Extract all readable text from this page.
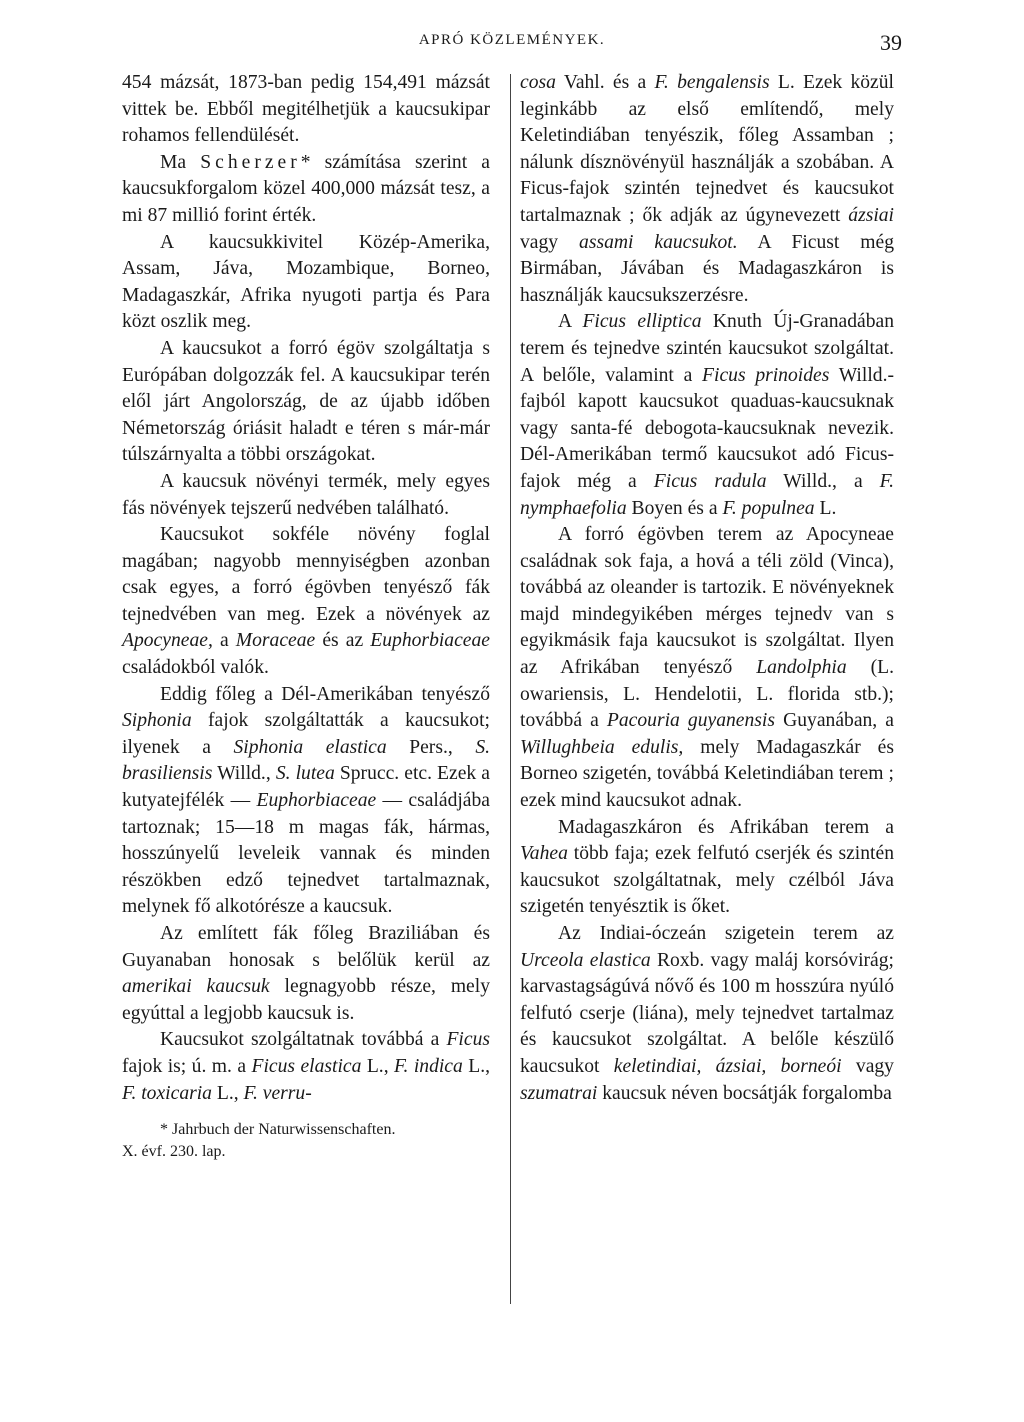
APRÓ KÖZLEMÉNYEK.	39

454 mázsát, 1873-ban pedig 154,491 mázsát vittek be. Ebből megitélhetjük a kaucsukipar rohamos fellendülését.

Ma Scherzer* számítása szerint a kaucsukforgalom közel 400,000 mázsát tesz, a mi 87 millió forint érték.

A kaucsukkivitel Közép-Amerika, Assam, Jáva, Mozambique, Borneo, Madagaszkár, Afrika nyugoti partja és Para közt oszlik meg.

A kaucsukot a forró égöv szolgáltatja s Európában dolgozzák fel. A kaucsukipar terén elől járt Angolország, de az újabb időben Németország óriásit haladt e téren s már-már túlszárnyalta a többi országokat.

A kaucsuk növényi termék, mely egyes fás növények tejszerű nedvében található.

Kaucsukot sokféle növény foglal magában; nagyobb mennyiségben azonban csak egyes, a forró égövben tenyésző fák tejnedvében van meg. Ezek a növények az Apocyneae, a Moraceae és az Euphorbiaceae családokból valók.

Eddig főleg a Dél-Amerikában tenyésző Siphonia fajok szolgáltatták a kaucsukot; ilyenek a Siphonia elastica Pers., S. brasiliensis Willd., S. lutea Sprucc. etc. Ezek a kutyatejfélék — Euphorbiaceae — családjába tartoznak; 15—18 m magas fák, hármas, hosszúnyelű leveleik vannak és minden részökben edző tejnedvet tartalmaznak, melynek fő alkotórésze a kaucsuk.

Az említett fák főleg Braziliában és Guyanaban honosak s belőlük kerül az amerikai kaucsuk legnagyobb része, mely egyúttal a legjobb kaucsuk is.

Kaucsukot szolgáltatnak továbbá a Ficus fajok is; ú. m. a Ficus elastica L., F. indica L., F. toxicaria L., F. verru-

* Jahrbuch der Naturwissenschaften.

X. évf. 230. lap.

cosa Vahl. és a F. bengalensis L. Ezek közül leginkább az első említendő, mely Keletindiában tenyészik, főleg Assamban ; nálunk dísznövényül használják a szobában. A Ficus-fajok szintén tejnedvet és kaucsukot tartalmaznak ; ők adják az úgynevezett ázsiai vagy assami kaucsukot. A Ficust még Birmában, Jávában és Madagaszkáron is használják kaucsukszerzésre.

A Ficus elliptica Knuth Új-Granadában terem és tejnedve szintén kaucsukot szolgáltat. A belőle, valamint a Ficus prinoides Willd.-fajból kapott kaucsukot quaduas-kaucsuknak vagy santa-fé debogota-kaucsuknak nevezik. Dél-Amerikában termő kaucsukot adó Ficus-fajok még a Ficus radula Willd., a F. nymphaefolia Boyen és a F. populnea L.

A forró égövben terem az Apocyneae családnak sok faja, a hová a téli zöld (Vinca), továbbá az oleander is tartozik. E növényeknek majd mindegyikében mérges tejnedv van s egyikmásik faja kaucsukot is szolgáltat. Ilyen az Afrikában tenyésző Landolphia (L. owariensis, L. Hendelotii, L. florida stb.); továbbá a Pacouria guyanensis Guyanában, a Willughbeia edulis, mely Madagaszkár és Borneo szigetén, továbbá Keletindiában terem ; ezek mind kaucsukot adnak.

Madagaszkáron és Afrikában terem a Vahea több faja; ezek felfutó cserjék és szintén kaucsukot szolgáltatnak, mely czélból Jáva szigetén tenyésztik is őket.

Az Indiai-óczeán szigetein terem az Urceola elastica Roxb. vagy maláj korsóvirág; karvastagságúvá nővő és 100 m hosszúra nyúló felfutó cserje (liána), mely tejnedvet tartalmaz és kaucsukot szolgáltat. A belőle készülő kaucsukot keletindiai, ázsiai, borneói vagy szumatrai kaucsuk néven bocsátják forgalomba
